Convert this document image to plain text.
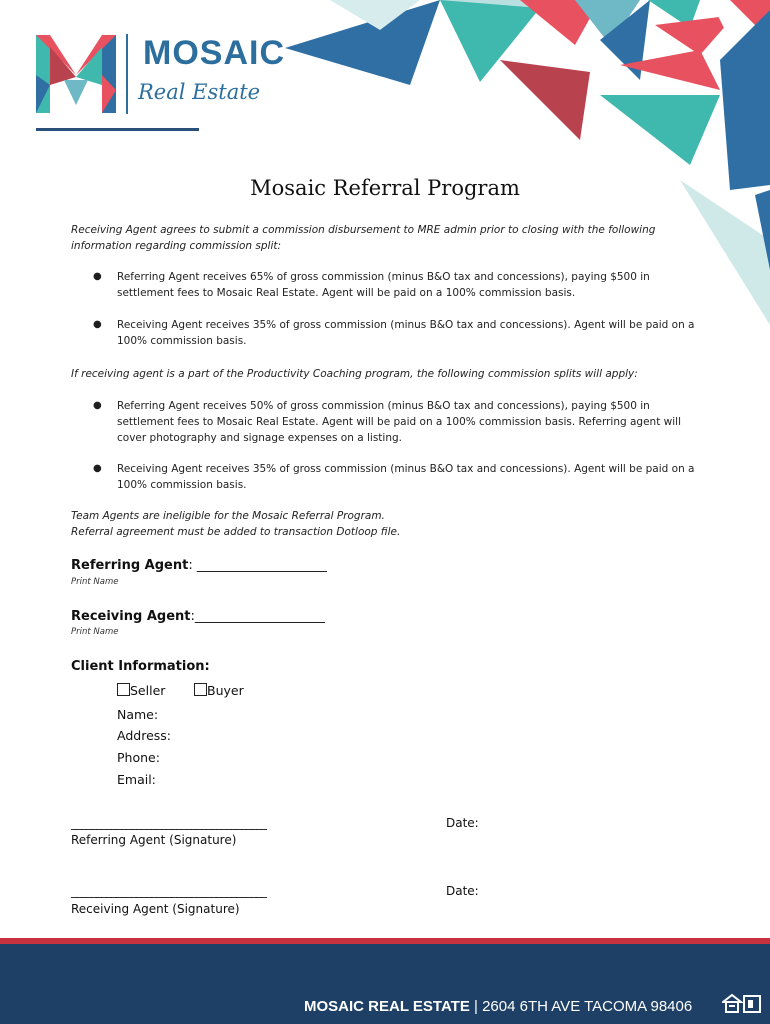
MOSAIC
Real Estate
Mosaic Referral Program
Receiving Agent agrees to submit a commission disbursement to MRE admin prior to closing with the following information regarding commission split:
● Referring Agent receives 65% of gross commission (minus B&O tax and concessions), paying $500 in settlement fees to Mosaic Real Estate. Agent will be paid on a 100% commission basis.
● Receiving Agent receives 35% of gross commission (minus B&O tax and concessions). Agent will be paid on a 100% commission basis.
If receiving agent is a part of the Productivity Coaching program, the following commission splits will apply:
● Referring Agent receives 50% of gross commission (minus B&O tax and concessions), paying $500 in settlement fees to Mosaic Real Estate. Agent will be paid on a 100% commission basis. Referring agent will cover photography and signage expenses on a listing.
● Receiving Agent receives 35% of gross commission (minus B&O tax and concessions). Agent will be paid on a 100% commission basis.
Team Agents are ineligible for the Mosaic Referral Program.
Referral agreement must be added to transaction Dotloop file.
Referring Agent: ____________________
Print Name
Receiving Agent:____________________
Print Name
Client Information:
Seller	Buyer
Name:
Address:
Phone:
Email:
_______________________________________	Date:
Referring Agent (Signature)
_______________________________________	Date:
Receiving Agent (Signature)
MOSAIC REAL ESTATE | 2604 6TH AVE TACOMA 98406
